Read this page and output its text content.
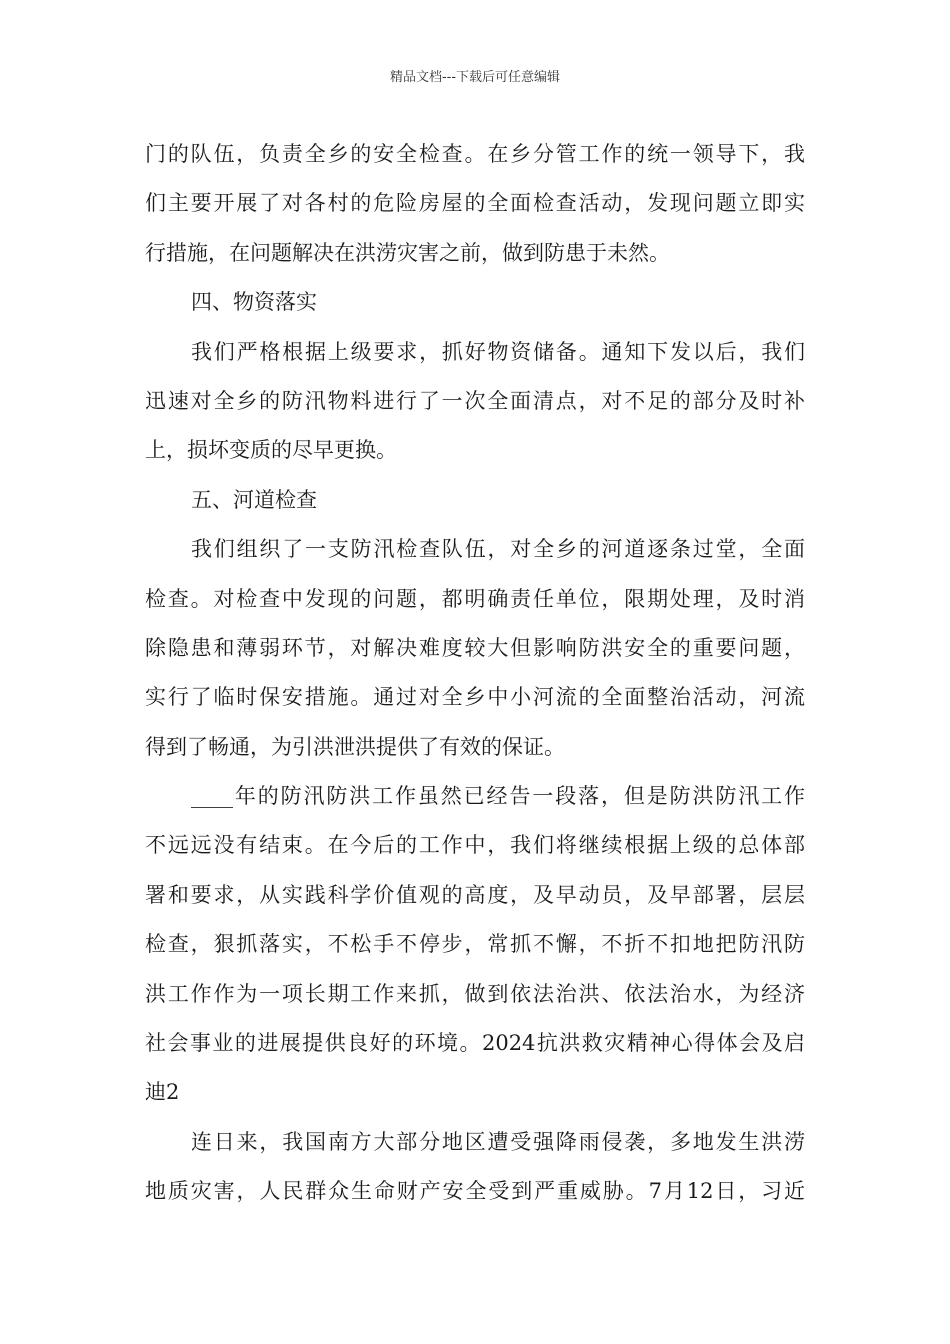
精品文档---下载后可任意编辑
门的队伍，负责全乡的安全检查。在乡分管工作的统一领导下，我
们主要开展了对各村的危险房屋的全面检查活动，发现问题立即实
行措施，在问题解决在洪涝灾害之前，做到防患于未然。
四、物资落实
我们严格根据上级要求，抓好物资储备。通知下发以后，我们
迅速对全乡的防汛物料进行了一次全面清点，对不足的部分及时补
上，损坏变质的尽早更换。
五、河道检查
我们组织了一支防汛检查队伍，对全乡的河道逐条过堂，全面
检查。对检查中发现的问题，都明确责任单位，限期处理，及时消
除隐患和薄弱环节，对解决难度较大但影响防洪安全的重要问题，
实行了临时保安措施。通过对全乡中小河流的全面整治活动，河流
得到了畅通，为引洪泄洪提供了有效的保证。
____年的防汛防洪工作虽然已经告一段落，但是防洪防汛工作
不远远没有结束。在今后的工作中，我们将继续根据上级的总体部
署和要求，从实践科学价值观的高度，及早动员，及早部署，层层
检查，狠抓落实，不松手不停步，常抓不懈，不折不扣地把防汛防
洪工作作为一项长期工作来抓，做到依法治洪、依法治水，为经济
社会事业的进展提供良好的环境。2024抗洪救灾精神心得体会及启
迪2
连日来，我国南方大部分地区遭受强降雨侵袭，多地发生洪涝
地质灾害，人民群众生命财产安全受到严重威胁。7月12日，习近
